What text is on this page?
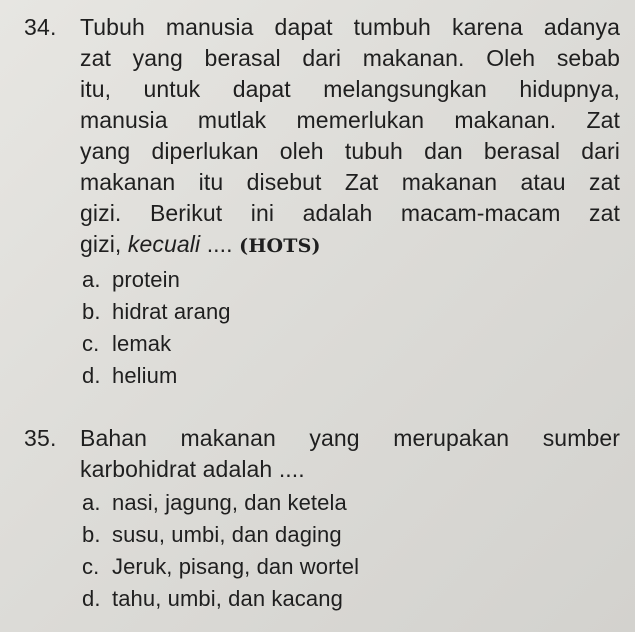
34.	Tubuh manusia dapat tumbuh karena adanya
zat yang berasal dari makanan. Oleh sebab
itu, untuk dapat melangsungkan hidupnya,
manusia mutlak memerlukan makanan. Zat
yang diperlukan oleh tubuh dan berasal dari
makanan itu disebut Zat makanan atau zat
gizi. Berikut ini adalah macam-macam zat
gizi, kecuali .... (HOTS)
a. protein
b. hidrat arang
c. lemak
d. helium
35.	Bahan makanan yang merupakan sumber
karbohidrat adalah ....
a. nasi, jagung, dan ketela
b. susu, umbi, dan daging
c. Jeruk, pisang, dan wortel
d. tahu, umbi, dan kacang
